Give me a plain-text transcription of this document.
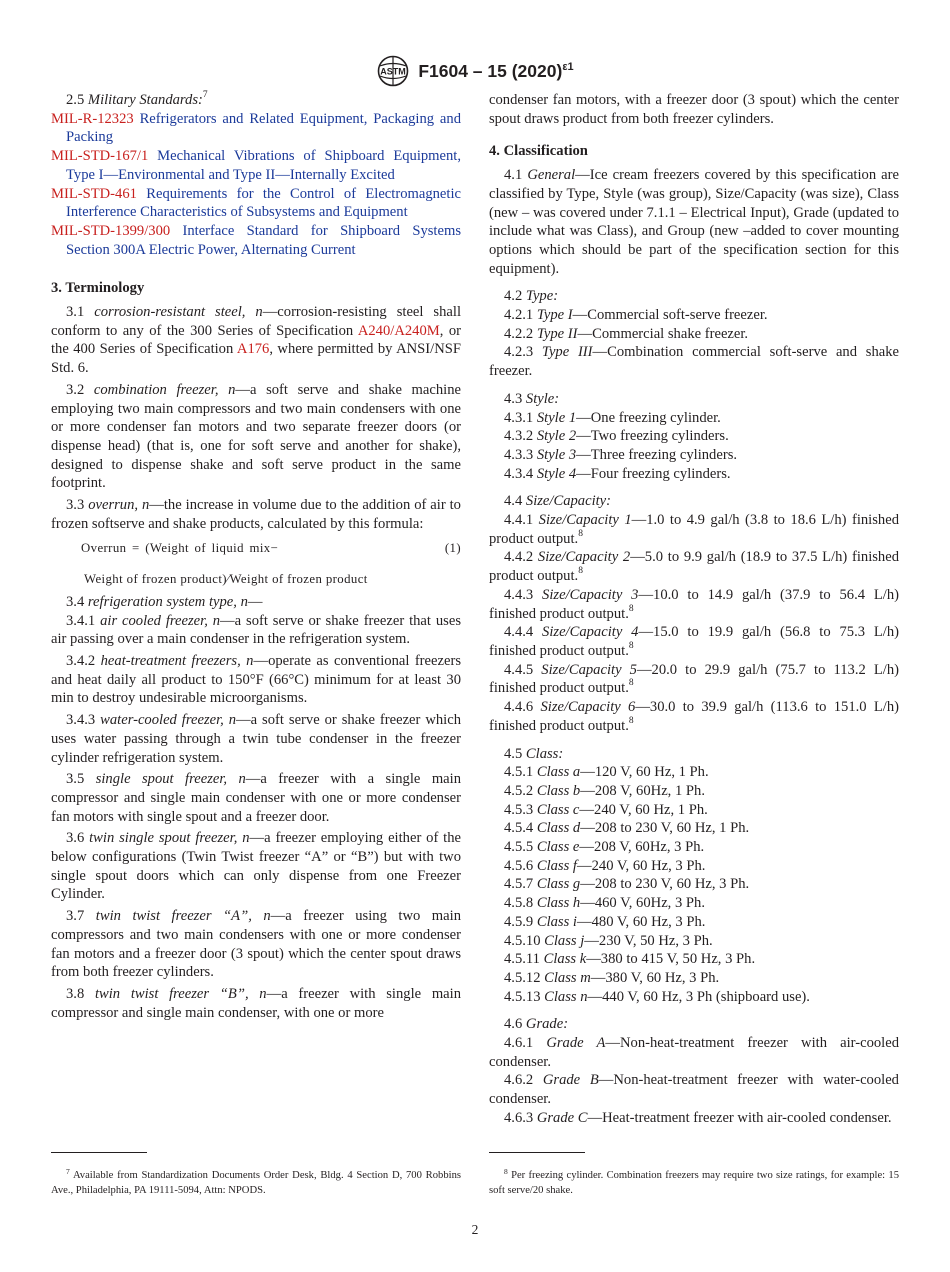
ASTM F1604 – 15 $(2020)^{\varepsilon 1}$

2.5 Military Standards:$^7$

MIL-R-12323 Refrigerators and Related Equipment, Packaging and Packing

MIL-STD-167/1 Mechanical Vibrations of Shipboard Equipment, Type I—Environmental and Type II—Internally Excited

MIL-STD-461 Requirements for the Control of Electromagnetic Interference Characteristics of Subsystems and Equipment

MIL-STD-1399/300 Interface Standard for Shipboard Systems Section 300A Electric Power, Alternating Current

3. Terminology

3.1 corrosion-resistant steel, n—corrosion-resisting steel shall conform to any of the 300 Series of Specification A240/A240M, or the 400 Series of Specification A176, where permitted by ANSI/NSF Std. 6.

3.2 combination freezer, n—a soft serve and shake machine employing two main compressors and two main condensers with one or more condenser fan motors and two separate freezer doors (or dispense head) (that is, one for soft serve and another for shake), designed to dispense shake and soft serve product in the same footprint.

3.3 overrun, n—the increase in volume due to the addition of air to frozen softserve and shake products, calculated by this formula:

Overrun = (Weight of liquid mix−	(1)
Weight of frozen product)⁄Weight of frozen product

3.4 refrigeration system type, n—

3.4.1 air cooled freezer, n—a soft serve or shake freezer that uses air passing over a main condenser in the refrigeration system.

3.4.2 heat-treatment freezers, n—operate as conventional freezers and heat daily all product to 150°F (66°C) minimum for at least 30 min to destroy undesirable microorganisms.

3.4.3 water-cooled freezer, n—a soft serve or shake freezer which uses water passing through a twin tube condenser in the freezer cylinder refrigeration system.

3.5 single spout freezer, n—a freezer with a single main compressor and single main condenser with one or more condenser fan motors with single spout and a freezer door.

3.6 twin single spout freezer, n—a freezer employing either of the below configurations (Twin Twist freezer “A” or “B”) but with two single spout doors which can only dispense from one Freezer Cylinder.

3.7 twin twist freezer “A”, n—a freezer using two main compressors and two main condensers with one or more condenser fan motors and a freezer door (3 spout) which the center spout draws from both freezer cylinders.

3.8 twin twist freezer “B”, n—a freezer with single main compressor and single main condenser, with one or more

condenser fan motors, with a freezer door (3 spout) which the center spout draws product from both freezer cylinders.

4. Classification

4.1 General—Ice cream freezers covered by this specification are classified by Type, Style (was group), Size/Capacity (was size), Class (new – was covered under 7.1.1 – Electrical Input), Grade (updated to include what was Class), and Group (new –added to cover mounting options which should be part of the specification section for this equipment).

4.2 Type:

4.2.1 Type I—Commercial soft-serve freezer.

4.2.2 Type II—Commercial shake freezer.

4.2.3 Type III—Combination commercial soft-serve and shake freezer.

4.3 Style:

4.3.1 Style 1—One freezing cylinder.

4.3.2 Style 2—Two freezing cylinders.

4.3.3 Style 3—Three freezing cylinders.

4.3.4 Style 4—Four freezing cylinders.

4.4 Size/Capacity:

4.4.1 Size/Capacity 1—1.0 to 4.9 gal/h (3.8 to 18.6 L/h) finished product output.$^8$

4.4.2 Size/Capacity 2—5.0 to 9.9 gal/h (18.9 to 37.5 L/h) finished product output.$^8$

4.4.3 Size/Capacity 3—10.0 to 14.9 gal/h (37.9 to 56.4 L/h) finished product output.$^8$

4.4.4 Size/Capacity 4—15.0 to 19.9 gal/h (56.8 to 75.3 L/h) finished product output.$^8$

4.4.5 Size/Capacity 5—20.0 to 29.9 gal/h (75.7 to 113.2 L/h) finished product output.$^8$

4.4.6 Size/Capacity 6—30.0 to 39.9 gal/h (113.6 to 151.0 L/h) finished product output.$^8$

4.5 Class:

4.5.1 Class a—120 V, 60 Hz, 1 Ph.

4.5.2 Class b—208 V, 60Hz, 1 Ph.

4.5.3 Class c—240 V, 60 Hz, 1 Ph.

4.5.4 Class d—208 to 230 V, 60 Hz, 1 Ph.

4.5.5 Class e—208 V, 60Hz, 3 Ph.

4.5.6 Class f—240 V, 60 Hz, 3 Ph.

4.5.7 Class g—208 to 230 V, 60 Hz, 3 Ph.

4.5.8 Class h—460 V, 60Hz, 3 Ph.

4.5.9 Class i—480 V, 60 Hz, 3 Ph.

4.5.10 Class j—230 V, 50 Hz, 3 Ph.

4.5.11 Class k—380 to 415 V, 50 Hz, 3 Ph.

4.5.12 Class m—380 V, 60 Hz, 3 Ph.

4.5.13 Class n—440 V, 60 Hz, 3 Ph (shipboard use).

4.6 Grade:

4.6.1 Grade A—Non-heat-treatment freezer with air-cooled condenser.

4.6.2 Grade B—Non-heat-treatment freezer with water-cooled condenser.

4.6.3 Grade C—Heat-treatment freezer with air-cooled condenser.

$^7$ Available from Standardization Documents Order Desk, Bldg. 4 Section D, 700 Robbins Ave., Philadelphia, PA 19111-5094, Attn: NPODS.
$^8$ Per freezing cylinder. Combination freezers may require two size ratings, for example: 15 soft serve/20 shake.
2
